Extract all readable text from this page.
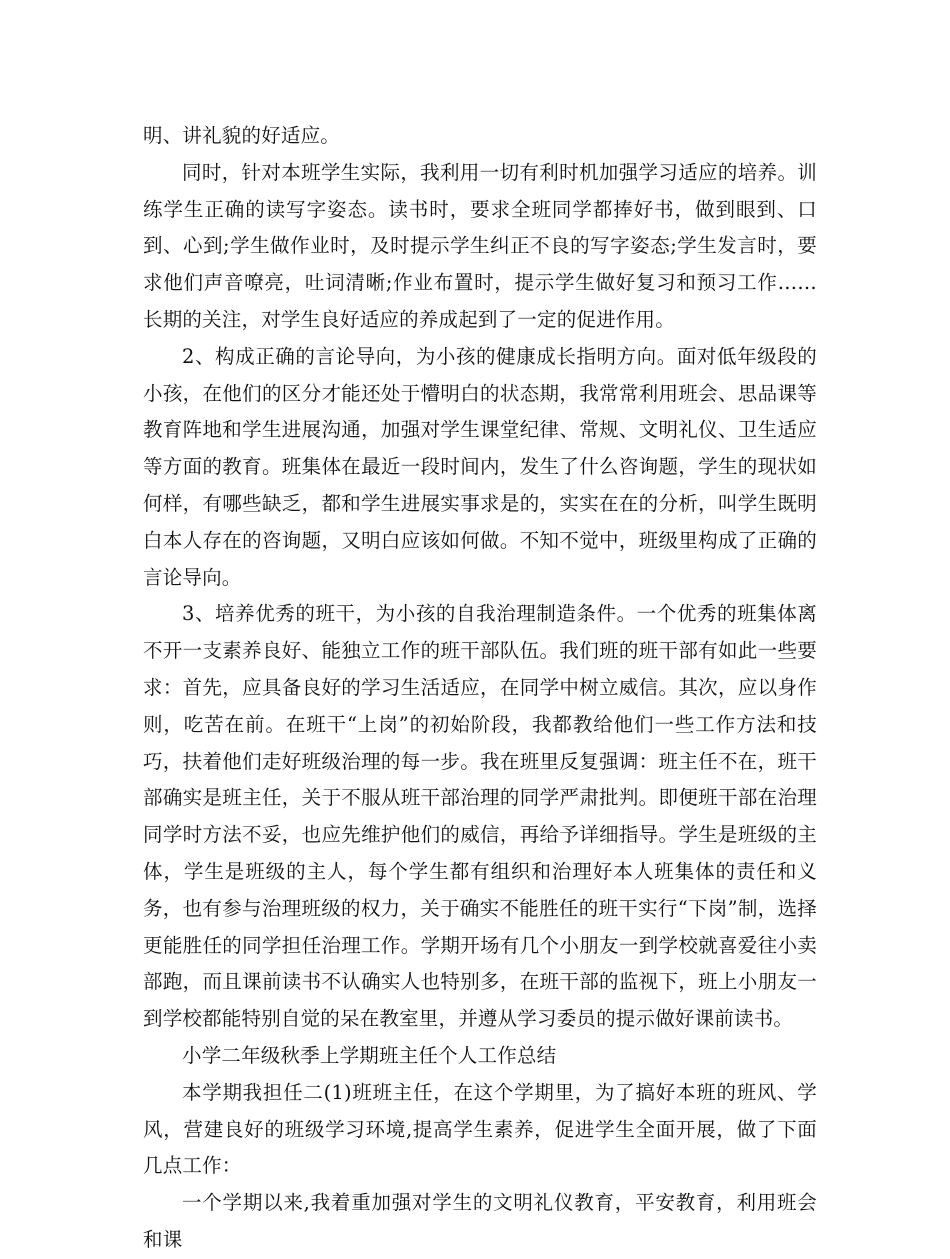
明、讲礼貌的好适应。

同时，针对本班学生实际，我利用一切有利时机加强学习适应的培养。训练学生正确的读写字姿态。读书时，要求全班同学都捧好书，做到眼到、口到、心到;学生做作业时，及时提示学生纠正不良的写字姿态;学生发言时，要求他们声音嘹亮，吐词清晰;作业布置时，提示学生做好复习和预习工作……长期的关注，对学生良好适应的养成起到了一定的促进作用。

2、构成正确的言论导向，为小孩的健康成长指明方向。面对低年级段的小孩，在他们的区分才能还处于懵明白的状态期，我常常利用班会、思品课等教育阵地和学生进展沟通，加强对学生课堂纪律、常规、文明礼仪、卫生适应等方面的教育。班集体在最近一段时间内，发生了什么咨询题，学生的现状如何样，有哪些缺乏，都和学生进展实事求是的，实实在在的分析，叫学生既明白本人存在的咨询题，又明白应该如何做。不知不觉中，班级里构成了正确的言论导向。

3、培养优秀的班干，为小孩的自我治理制造条件。一个优秀的班集体离不开一支素养良好、能独立工作的班干部队伍。我们班的班干部有如此一些要求：首先，应具备良好的学习生活适应，在同学中树立威信。其次，应以身作则，吃苦在前。在班干“上岗”的初始阶段，我都教给他们一些工作方法和技巧，扶着他们走好班级治理的每一步。我在班里反复强调：班主任不在，班干部确实是班主任，关于不服从班干部治理的同学严肃批判。即便班干部在治理同学时方法不妥，也应先维护他们的威信，再给予详细指导。学生是班级的主体，学生是班级的主人，每个学生都有组织和治理好本人班集体的责任和义务，也有参与治理班级的权力，关于确实不能胜任的班干实行“下岗”制，选择更能胜任的同学担任治理工作。学期开场有几个小朋友一到学校就喜爱往小卖部跑，而且课前读书不认确实人也特别多，在班干部的监视下，班上小朋友一到学校都能特别自觉的呆在教室里，并遵从学习委员的提示做好课前读书。

小学二年级秋季上学期班主任个人工作总结

本学期我担任二(1)班班主任，在这个学期里，为了搞好本班的班风、学风，营建良好的班级学习环境,提高学生素养，促进学生全面开展，做了下面几点工作：

一个学期以来,我着重加强对学生的文明礼仪教育，平安教育，利用班会和课
